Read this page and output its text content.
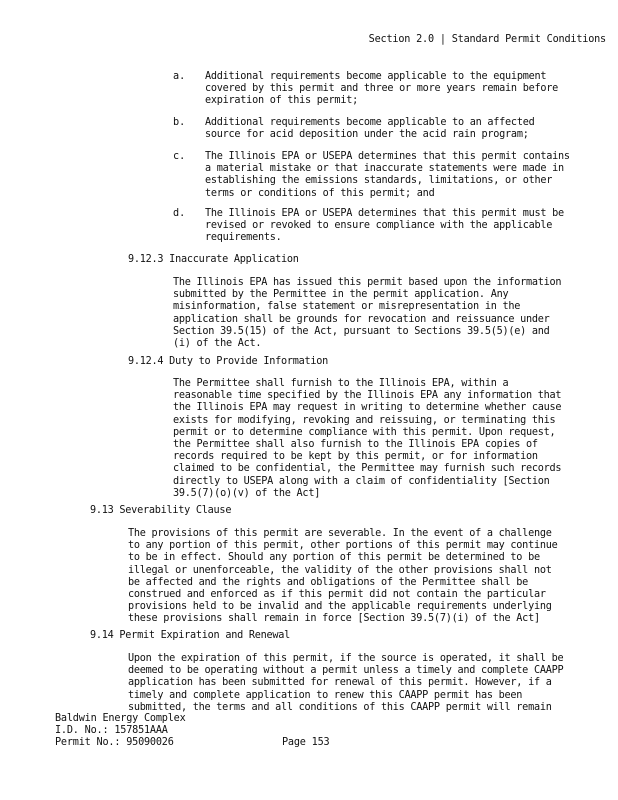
Section 2.0 | Standard Permit Conditions
a. Additional requirements become applicable to the equipment
covered by this permit and three or more years remain before
expiration of this permit;
b. Additional requirements become applicable to an affected
source for acid deposition under the acid rain program;
c. The Illinois EPA or USEPA determines that this permit contains
a material mistake or that inaccurate statements were made in
establishing the emissions standards, limitations, or other
terms or conditions of this permit; and
d. The Illinois EPA or USEPA determines that this permit must be
revised or revoked to ensure compliance with the applicable
requirements.
9.12.3 Inaccurate Application
The Illinois EPA has issued this permit based upon the information
submitted by the Permittee in the permit application. Any
misinformation, false statement or misrepresentation in the
application shall be grounds for revocation and reissuance under
Section 39.5(15) of the Act, pursuant to Sections 39.5(5)(e) and
(i) of the Act.
9.12.4 Duty to Provide Information
The Permittee shall furnish to the Illinois EPA, within a
reasonable time specified by the Illinois EPA any information that
the Illinois EPA may request in writing to determine whether cause
exists for modifying, revoking and reissuing, or terminating this
permit or to determine compliance with this permit. Upon request,
the Permittee shall also furnish to the Illinois EPA copies of
records required to be kept by this permit, or for information
claimed to be confidential, the Permittee may furnish such records
directly to USEPA along with a claim of confidentiality [Section
39.5(7)(o)(v) of the Act]
9.13 Severability Clause
The provisions of this permit are severable. In the event of a challenge
to any portion of this permit, other portions of this permit may continue
to be in effect. Should any portion of this permit be determined to be
illegal or unenforceable, the validity of the other provisions shall not
be affected and the rights and obligations of the Permittee shall be
construed and enforced as if this permit did not contain the particular
provisions held to be invalid and the applicable requirements underlying
these provisions shall remain in force [Section 39.5(7)(i) of the Act]
9.14 Permit Expiration and Renewal
Upon the expiration of this permit, if the source is operated, it shall be
deemed to be operating without a permit unless a timely and complete CAAPP
application has been submitted for renewal of this permit. However, if a
timely and complete application to renew this CAAPP permit has been
submitted, the terms and all conditions of this CAAPP permit will remain
Baldwin Energy Complex
I.D. No.: 157851AAA
Permit No.: 95090026	Page 153
